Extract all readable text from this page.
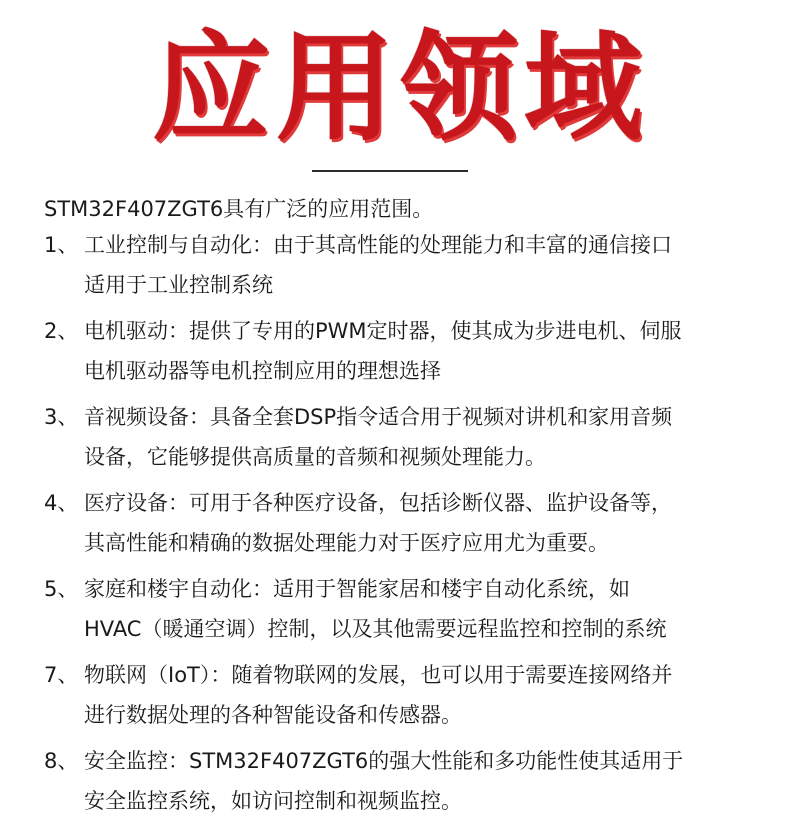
应用领域
STM32F407ZGT6具有广泛的应用范围。
1、 工业控制与自动化：由于其高性能的处理能力和丰富的通信接口
适用于工业控制系统
2、 电机驱动：提供了专用的PWM定时器，使其成为步进电机、伺服
电机驱动器等电机控制应用的理想选择
3、 音视频设备：具备全套DSP指令适合用于视频对讲机和家用音频
设备，它能够提供高质量的音频和视频处理能力。
4、 医疗设备：可用于各种医疗设备，包括诊断仪器、监护设备等，
其高性能和精确的数据处理能力对于医疗应用尤为重要。
5、 家庭和楼宇自动化：适用于智能家居和楼宇自动化系统，如
HVAC（暖通空调）控制，以及其他需要远程监控和控制的系统
7、 物联网（IoT）：随着物联网的发展，也可以用于需要连接网络并
进行数据处理的各种智能设备和传感器。
8、 安全监控：STM32F407ZGT6的强大性能和多功能性使其适用于
安全监控系统，如访问控制和视频监控。
